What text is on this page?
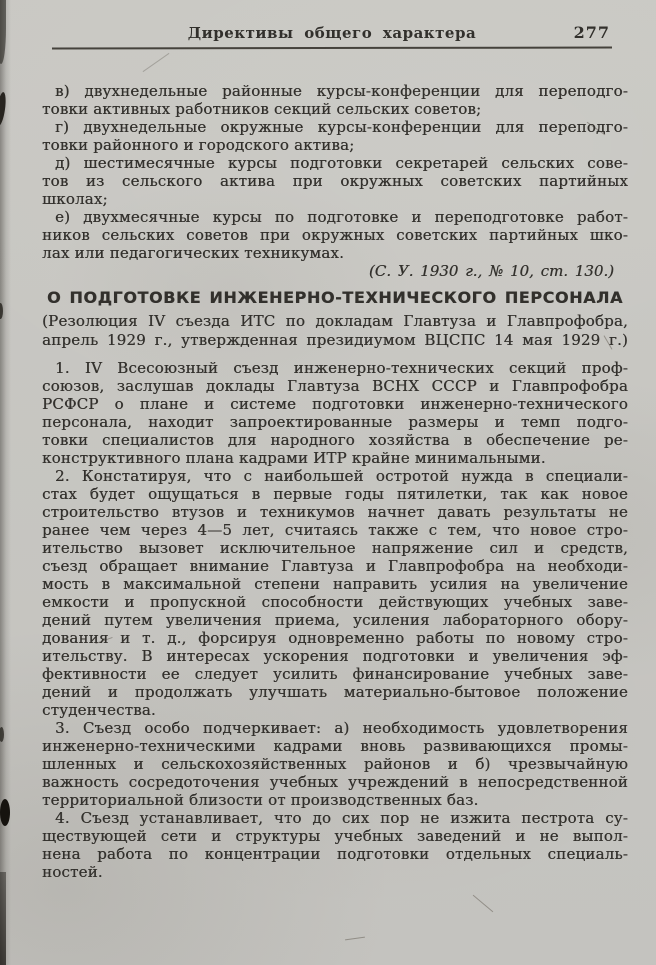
Директивы общего характера	277
в) двухнедельные районные курсы-конференции для переподго-
товки активных работников секций сельских советов;
г) двухнедельные окружные курсы-конференции для переподго-
товки районного и городского актива;
д) шестимесячные курсы подготовки секретарей сельских сове-
тов из сельского актива при окружных советских партийных
школах;
е) двухмесячные курсы по подготовке и переподготовке работ-
ников сельских советов при окружных советских партийных шко-
лах или педагогических техникумах.
(С. У. 1930 г., № 10, ст. 130.)
О ПОДГОТОВКЕ ИНЖЕНЕРНО-ТЕХНИЧЕСКОГО ПЕРСОНАЛА
(Резолюция IV съезда ИТС по докладам Главтуза и Главпрофобра,
апрель 1929 г., утвержденная президиумом ВЦСПС 14 мая 1929 г.)
1. IV Всесоюзный съезд инженерно-технических секций проф-
союзов, заслушав доклады Главтуза ВСНХ СССР и Главпрофобра
РСФСР о плане и системе подготовки инженерно-технического
персонала, находит запроектированные размеры и темп подго-
товки специалистов для народного хозяйства в обеспечение ре-
конструктивного плана кадрами ИТР крайне минимальными.
2. Констатируя, что с наибольшей остротой нужда в специали-
стах будет ощущаться в первые годы пятилетки, так как новое
строительство втузов и техникумов начнет давать результаты не
ранее чем через 4—5 лет, считаясь также с тем, что новое стро-
ительство вызовет исключительное напряжение сил и средств,
съезд обращает внимание Главтуза и Главпрофобра на необходи-
мость в максимальной степени направить усилия на увеличение
емкости и пропускной способности действующих учебных заве-
дений путем увеличения приема, усиления лабораторного обору-
дования и т. д., форсируя одновременно работы по новому стро-
ительству. В интересах ускорения подготовки и увеличения эф-
фективности ее следует усилить финансирование учебных заве-
дений и продолжать улучшать материально-бытовое положение
студенчества.
3. Съезд особо подчеркивает: а) необходимость удовлетворения
инженерно-техническими кадрами вновь развивающихся промы-
шленных и сельскохозяйственных районов и б) чрезвычайную
важность сосредоточения учебных учреждений в непосредственной
территориальной близости от производственных баз.
4. Съезд устанавливает, что до сих пор не изжита пестрота су-
ществующей сети и структуры учебных заведений и не выпол-
нена работа по концентрации подготовки отдельных специаль-
ностей.
